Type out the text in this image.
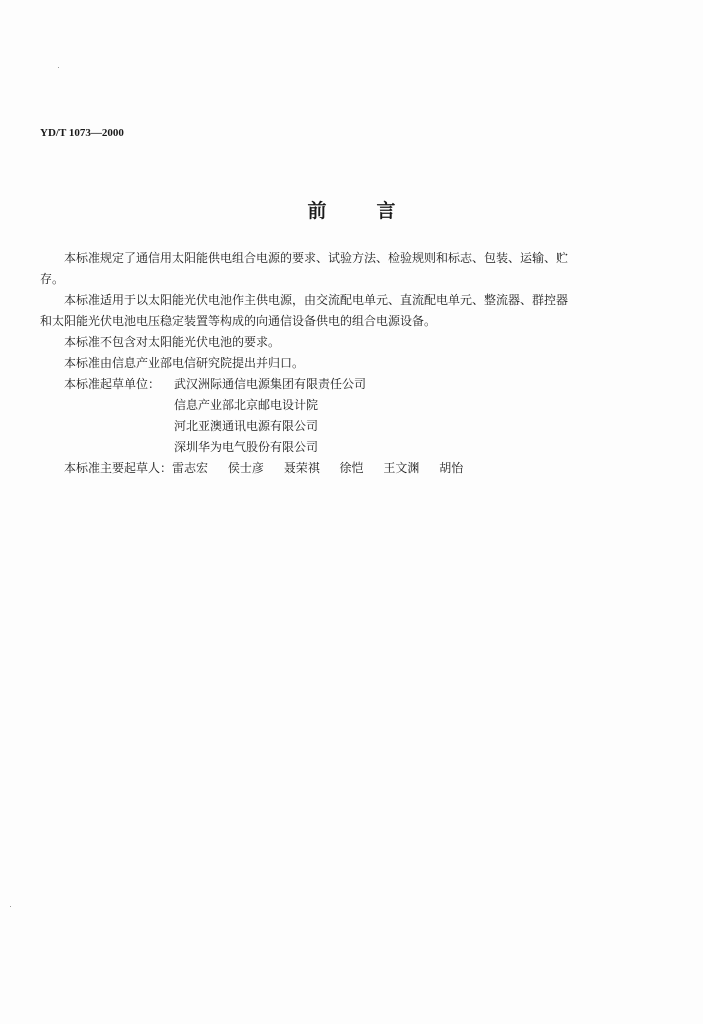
YD/T 1073—2000
前	言

本标准规定了通信用太阳能供电组合电源的要求、试验方法、检验规则和标志、包装、运输、贮

存。

本标准适用于以太阳能光伏电池作主供电源，由交流配电单元、直流配电单元、整流器、群控器

和太阳能光伏电池电压稳定装置等构成的向通信设备供电的组合电源设备。

本标准不包含对太阳能光伏电池的要求。

本标准由信息产业部电信研究院提出并归口。

本标准起草单位：	武汉洲际通信电源集团有限责任公司
信息产业部北京邮电设计院
河北亚澳通讯电源有限公司
深圳华为电气股份有限公司
本标准主要起草人： 雷志宏 侯士彦 聂荣祺 徐恺 王文渊 胡怡
